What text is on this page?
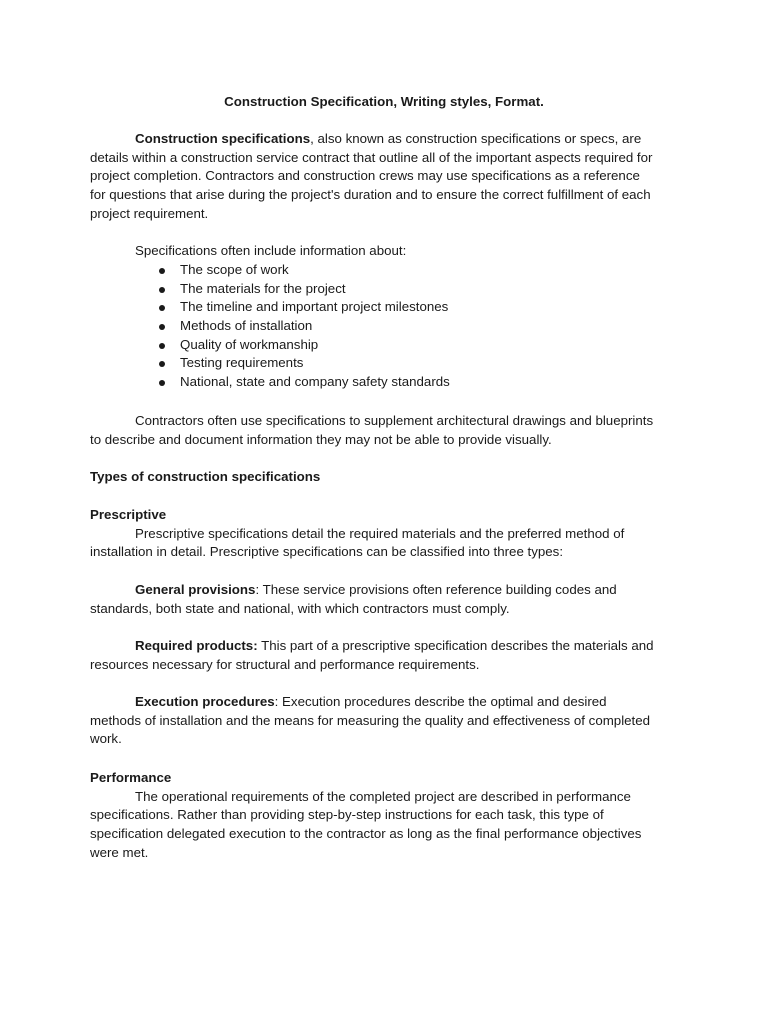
Construction Specification, Writing styles, Format.

Construction specifications, also known as construction specifications or specs, are
details within a construction service contract that outline all of the important aspects required for
project completion. Contractors and construction crews may use specifications as a reference
for questions that arise during the project's duration and to ensure the correct fulfillment of each
project requirement.
Specifications often include information about:
The scope of work
The materials for the project
The timeline and important project milestones
Methods of installation
Quality of workmanship
Testing requirements
National, state and company safety standards
Contractors often use specifications to supplement architectural drawings and blueprints
to describe and document information they may not be able to provide visually.
Types of construction specifications
Prescriptive
Prescriptive specifications detail the required materials and the preferred method of
installation in detail. Prescriptive specifications can be classified into three types:
General provisions: These service provisions often reference building codes and
standards, both state and national, with which contractors must comply.
Required products: This part of a prescriptive specification describes the materials and
resources necessary for structural and performance requirements.
Execution procedures: Execution procedures describe the optimal and desired
methods of installation and the means for measuring the quality and effectiveness of completed
work.
Performance
The operational requirements of the completed project are described in performance
specifications. Rather than providing step-by-step instructions for each task, this type of
specification delegated execution to the contractor as long as the final performance objectives
were met.
